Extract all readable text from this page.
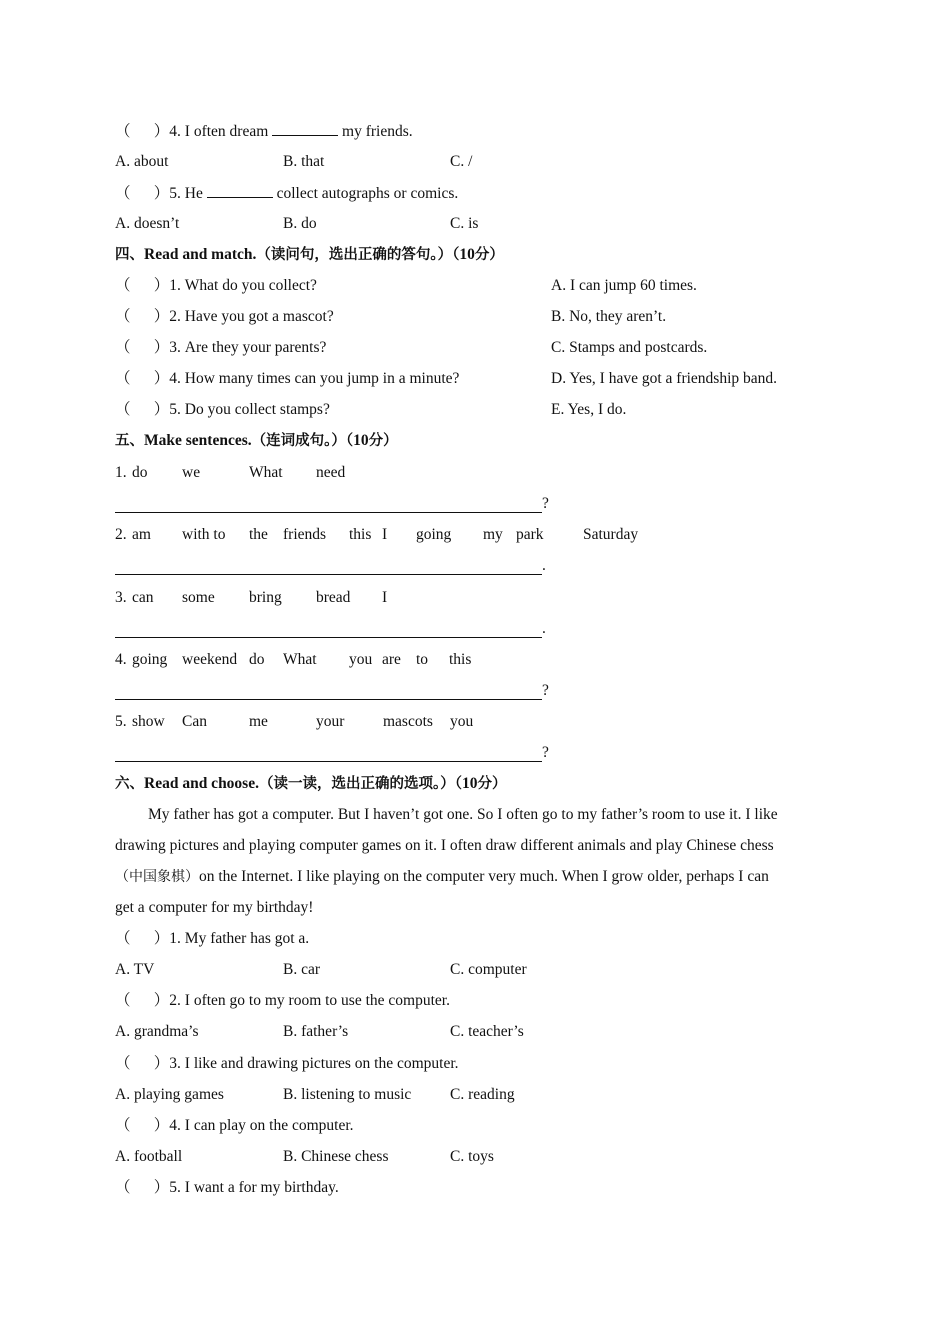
（ ）4. I often dream	my friends.
A. about	B. that	C. /
（ ）5. He	collect autographs or comics.
A. doesn’t	B. do	C. is
四、Read and match.（读问句，选出正确的答句。）（10分）
（ ）1. What do you collect?	A. I can jump 60 times.
（ ）2. Have you got a mascot?	B. No, they aren’t.
（ ）3. Are they your parents?	C. Stamps and postcards.
（ ）4. How many times can you jump in a minute?	D. Yes, I have got a friendship band.
（ ）5. Do you collect stamps?	E. Yes, I do.
五、Make sentences.（连词成句。）（10分）
1. do we	What need
?
2. am with to the friends this I going my park	Saturday
.
3. can some bring bread I
.
4. going weekend do What you are to this
?
5. show Can	me	your mascots you
?
六、Read and choose.（读一读，选出正确的选项。）（10分）
My father has got a computer. But I haven’t got one. So I often go to my father’s room to use it. I like
drawing pictures and playing computer games on it. I often draw different animals and play Chinese chess
（中国象棋）on the Internet. I like playing on the computer very much. When I grow older, perhaps I can
get a computer for my birthday!
（ ）1. My father has got a.
A. TV	B. car	C. computer
（ ）2. I often go to my room to use the computer.
A. grandma’s	B. father’s	C. teacher’s
（ ）3. I like and drawing pictures on the computer.
A. playing games	B. listening to music C. reading
（ ）4. I can play on the computer.
A. football	B. Chinese chess	C. toys
（ ）5. I want a for my birthday.
